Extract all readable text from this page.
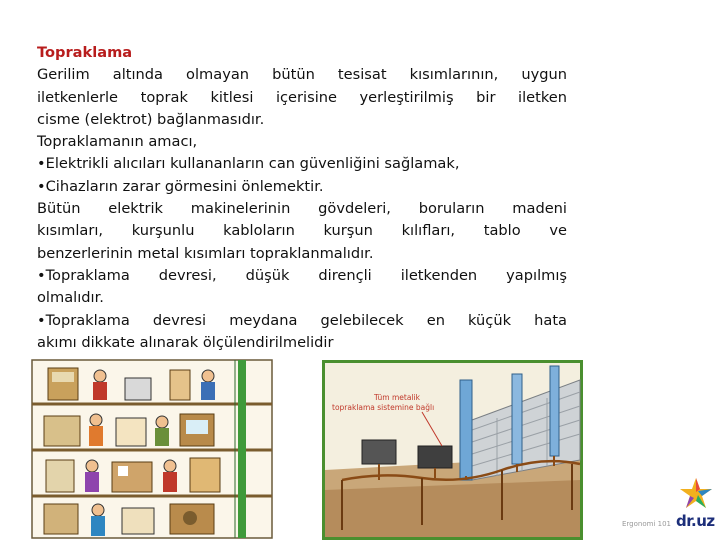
Topraklama
Gerilim altında olmayan bütün tesisat kısımlarının, uygun
iletkenlerle toprak kitlesi içerisine yerleştirilmiş bir iletken
cisme (elektrot) bağlanmasıdır.
Topraklamanın amacı,
•Elektrikli alıcıları kullananların can güvenliğini sağlamak,
•Cihazların zarar görmesini önlemektir.
Bütün elektrik makinelerinin gövdeleri, boruların madeni
kısımları, kurşunlu kabloların kurşun kılıfları, tablo ve
benzerlerinin metal kısımları topraklanmalıdır.
•Topraklama devresi, düşük dirençli iletkenden yapılmış
olmalıdır.
•Topraklama devresi meydana gelebilecek en küçük hata
akımı dikkate alınarak ölçülendirilmelidir
Tüm metalik
topraklama sistemine bağlı
Ergonomi 101 dr.uz
